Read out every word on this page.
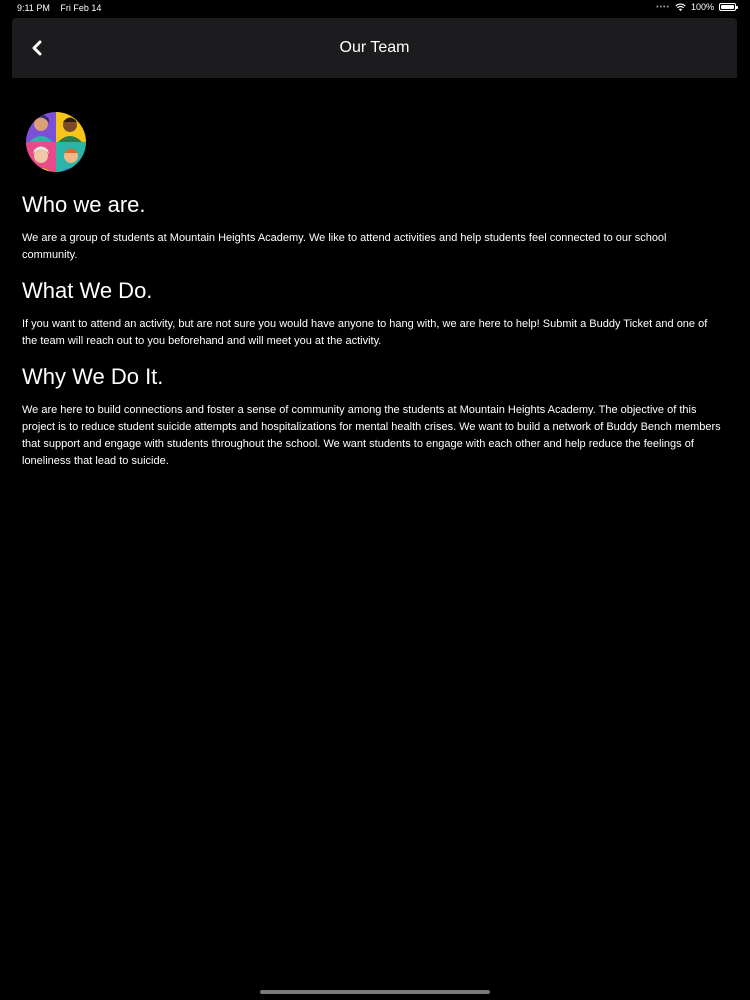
9:11 PM Fri Feb 14	•••• 100%
Our Team
Who we are.

We are a group of students at Mountain Heights Academy. We like to attend activities and help students feel connected to our school community.

What We Do.

If you want to attend an activity, but are not sure you would have anyone to hang with, we are here to help! Submit a Buddy Ticket and one of the team will reach out to you beforehand and will meet you at the activity.

Why We Do It.

We are here to build connections and foster a sense of community among the students at Mountain Heights Academy. The objective of this project is to reduce student suicide attempts and hospitalizations for mental health crises. We want to build a network of Buddy Bench members that support and engage with students throughout the school. We want students to engage with each other and help reduce the feelings of loneliness that lead to suicide.
